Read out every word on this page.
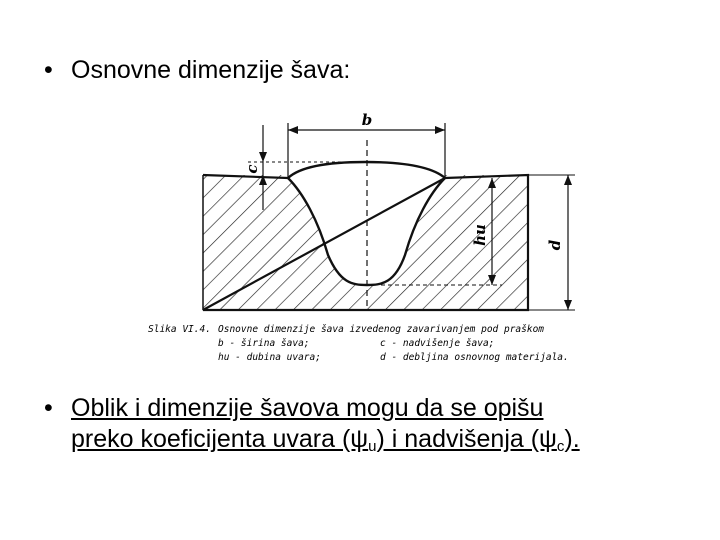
• Osnovne dimenzije šava:
b
c
hu	d
Slika VI.4. Osnovne dimenzije šava izvedenog zavarivanjem pod praškom
b - širina šava;	c - nadvišenje šava;
hu - dubina uvara;	d - debljina osnovnog materijala.
• Oblik i dimenzije šavova mogu da se opišu
preko koeficijenta uvara $(\psi_u)$ i nadvišenja $(\psi_c)$.
